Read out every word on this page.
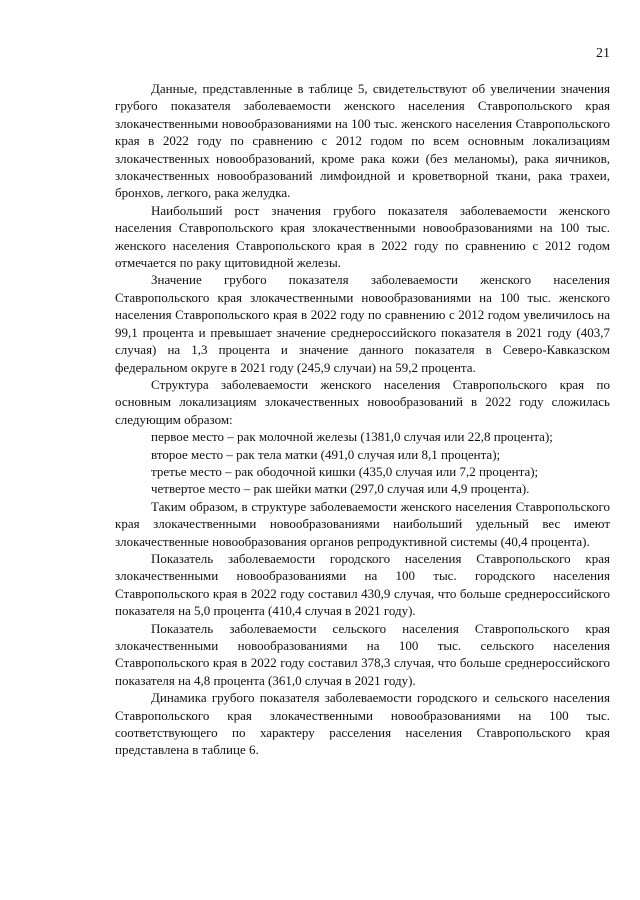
21

Данные, представленные в таблице 5, свидетельствуют об увеличении значения грубого показателя заболеваемости женского населения Ставропольского края злокачественными новообразованиями на 100 тыс. женского населения Ставропольского края в 2022 году по сравнению с 2012 годом по всем основным локализациям злокачественных новообразований, кроме рака кожи (без меланомы), рака яичников, злокачественных новообразований лимфоидной и кроветворной ткани, рака трахеи, бронхов, легкого, рака желудка.

Наибольший рост значения грубого показателя заболеваемости женского населения Ставропольского края злокачественными новообразованиями на 100 тыс. женского населения Ставропольского края в 2022 году по сравнению с 2012 годом отмечается по раку щитовидной железы.

Значение грубого показателя заболеваемости женского населения Ставропольского края злокачественными новообразованиями на 100 тыс. женского населения Ставропольского края в 2022 году по сравнению с 2012 годом увеличилось на 99,1 процента и превышает значение среднероссийского показателя в 2021 году (403,7 случая) на 1,3 процента и значение данного показателя в Северо-Кавказском федеральном округе в 2021 году (245,9 случаи) на 59,2 процента.

Структура заболеваемости женского населения Ставропольского края по основным локализациям злокачественных новообразований в 2022 году сложилась следующим образом:

первое место – рак молочной железы (1381,0 случая или 22,8 процента);
второе место – рак тела матки (491,0 случая или 8,1 процента);
третье место – рак ободочной кишки (435,0 случая или 7,2 процента);
четвертое место – рак шейки матки (297,0 случая или 4,9 процента).

Таким образом, в структуре заболеваемости женского населения Ставропольского края злокачественными новообразованиями наибольший удельный вес имеют злокачественные новообразования органов репродуктивной системы (40,4 процента).

Показатель заболеваемости городского населения Ставропольского края злокачественными новообразованиями на 100 тыс. городского населения Ставропольского края в 2022 году составил 430,9 случая, что больше среднероссийского показателя на 5,0 процента (410,4 случая в 2021 году).

Показатель заболеваемости сельского населения Ставропольского края злокачественными новообразованиями на 100 тыс. сельского населения Ставропольского края в 2022 году составил 378,3 случая, что больше среднероссийского показателя на 4,8 процента (361,0 случая в 2021 году).

Динамика грубого показателя заболеваемости городского и сельского населения Ставропольского края злокачественными новообразованиями на 100 тыс. соответствующего по характеру расселения населения Ставропольского края представлена в таблице 6.
